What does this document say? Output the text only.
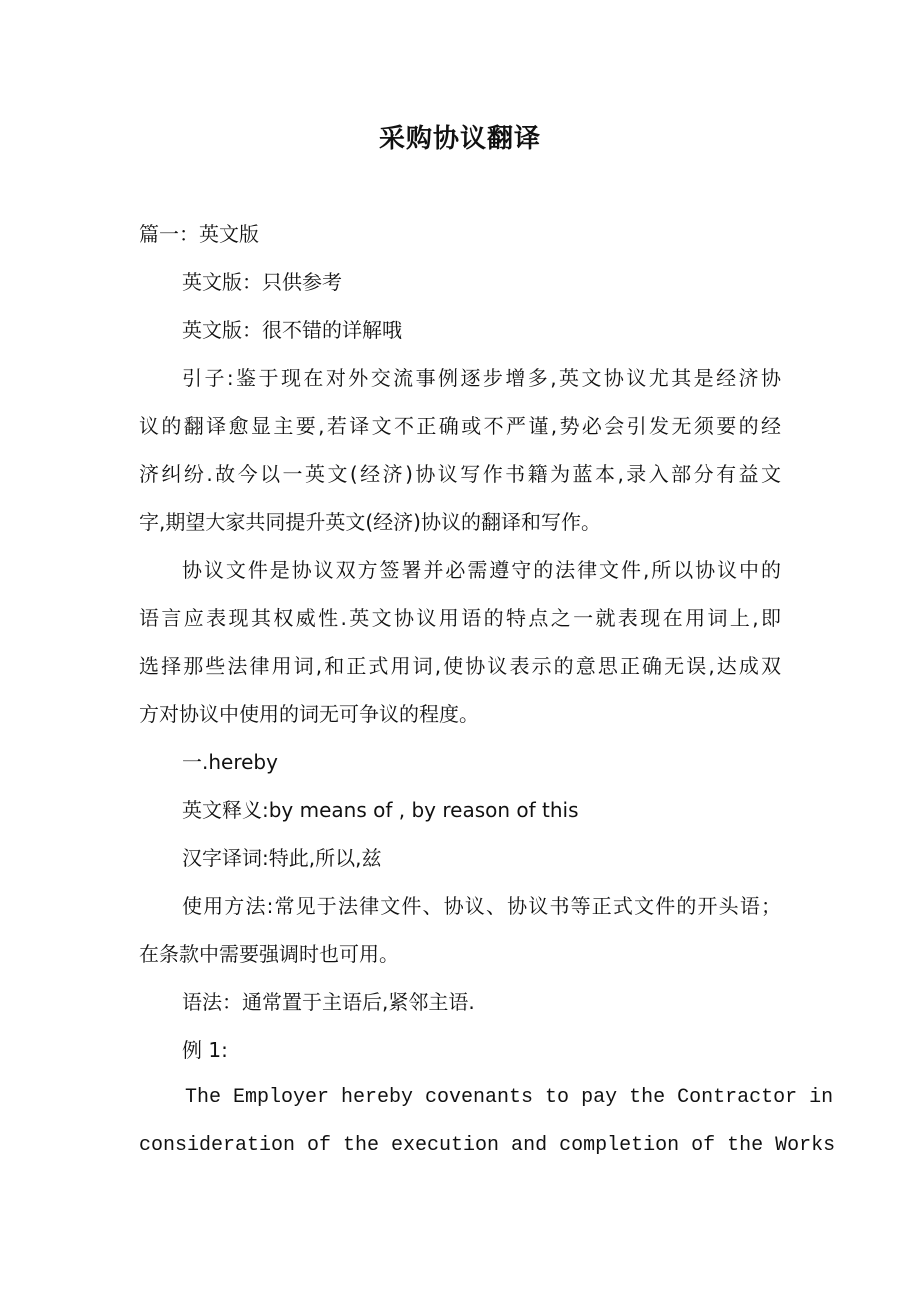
采购协议翻译
篇一：英文版
英文版：只供参考
英文版：很不错的详解哦
引子:鉴于现在对外交流事例逐步增多,英文协议尤其是经济协
议的翻译愈显主要,若译文不正确或不严谨,势必会引发无须要的经
济纠纷.故今以一英文(经济)协议写作书籍为蓝本,录入部分有益文
字,期望大家共同提升英文(经济)协议的翻译和写作。
协议文件是协议双方签署并必需遵守的法律文件,所以协议中的
语言应表现其权威性.英文协议用语的特点之一就表现在用词上,即
选择那些法律用词,和正式用词,使协议表示的意思正确无误,达成双
方对协议中使用的词无可争议的程度。
一.hereby
英文释义:by means of , by reason of this
汉字译词:特此,所以,兹
使用方法:常见于法律文件、协议、协议书等正式文件的开头语；
在条款中需要强调时也可用。
语法：通常置于主语后,紧邻主语.
例 1:
The Employer hereby covenants to pay the Contractor in
consideration of the execution and completion of the Works
